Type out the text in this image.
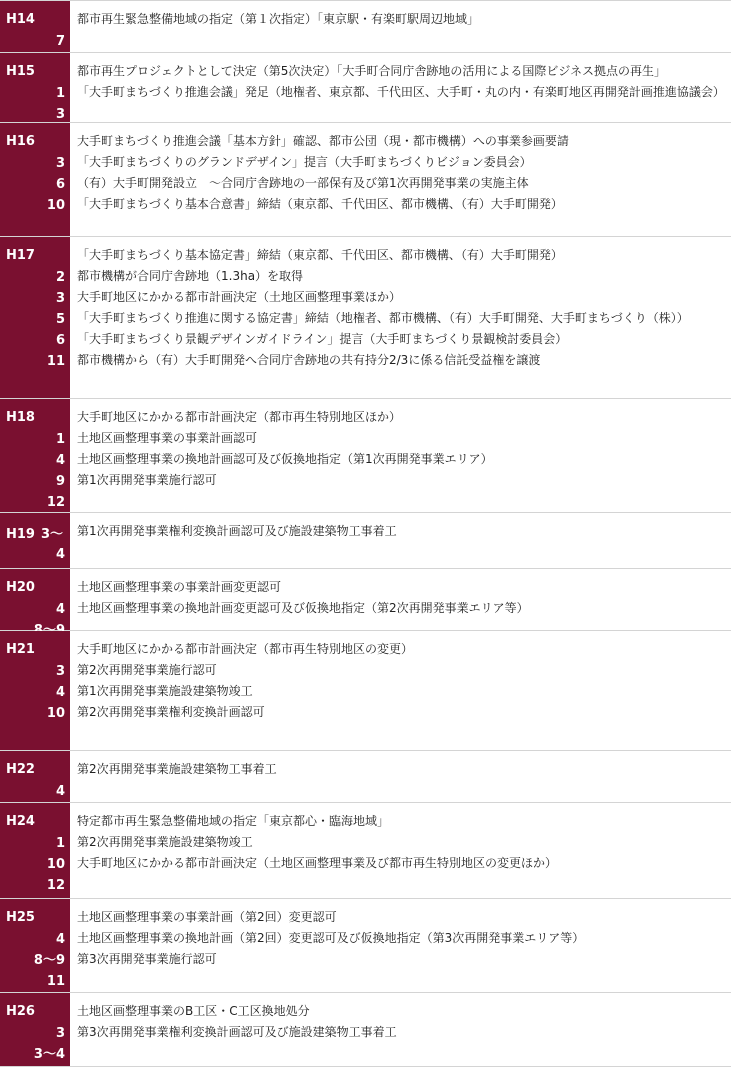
H14
7
都市再生緊急整備地域の指定（第１次指定）「東京駅・有楽町駅周辺地域」
H15
1
3
都市再生プロジェクトとして決定（第5次決定）「大手町合同庁舎跡地の活用による国際ビジネス拠点の再生」
「大手町まちづくり推進会議」発足（地権者、東京都、千代田区、大手町・丸の内・有楽町地区再開発計画推進協議会）
H16
3
6
10
大手町まちづくり推進会議「基本方針」確認、都市公団（現・都市機構）への事業参画要請
「大手町まちづくりのグランドデザイン」提言（大手町まちづくりビジョン委員会）
（有）大手町開発設立　～合同庁舎跡地の一部保有及び第1次再開発事業の実施主体
「大手町まちづくり基本合意書」締結（東京都、千代田区、都市機構、（有）大手町開発）
H17
2
3
5
6
11
「大手町まちづくり基本協定書」締結（東京都、千代田区、都市機構、（有）大手町開発）
都市機構が合同庁舎跡地（1.3ha）を取得
大手町地区にかかる都市計画決定（土地区画整理事業ほか）
「大手町まちづくり推進に関する協定書」締結（地権者、都市機構、（有）大手町開発、大手町まちづくり（株））
「大手町まちづくり景観デザインガイドライン」提言（大手町まちづくり景観検討委員会）
都市機構から（有）大手町開発へ合同庁舎跡地の共有持分2/3に係る信託受益権を譲渡
H18
1
4
9
12
大手町地区にかかる都市計画決定（都市再生特別地区ほか）
土地区画整理事業の事業計画認可
土地区画整理事業の換地計画認可及び仮換地指定（第1次再開発事業エリア）
第1次再開発事業施行認可
H19 3～
4
第1次再開発事業権利変換計画認可及び施設建築物工事着工
H20
4
土地区画整理事業の事業計画変更認可
土地区画整理事業の換地計画変更認可及び仮換地指定（第2次再開発事業エリア等）
H21
3
4
10
大手町地区にかかる都市計画決定（都市再生特別地区の変更）
第2次再開発事業施行認可
第1次再開発事業施設建築物竣工
第2次再開発事業権利変換計画認可
H22
4
第2次再開発事業施設建築物工事着工
H24
1
10
12
特定都市再生緊急整備地域の指定「東京都心・臨海地域」
第2次再開発事業施設建築物竣工
大手町地区にかかる都市計画決定（土地区画整理事業及び都市再生特別地区の変更ほか）
H25
4
8～9
11
土地区画整理事業の事業計画（第2回）変更認可
土地区画整理事業の換地計画（第2回）変更認可及び仮換地指定（第3次再開発事業エリア等）
第3次再開発事業施行認可
H26
3
3～4
土地区画整理事業のB工区・C工区換地処分
第3次再開発事業権利変換計画認可及び施設建築物工事着工
